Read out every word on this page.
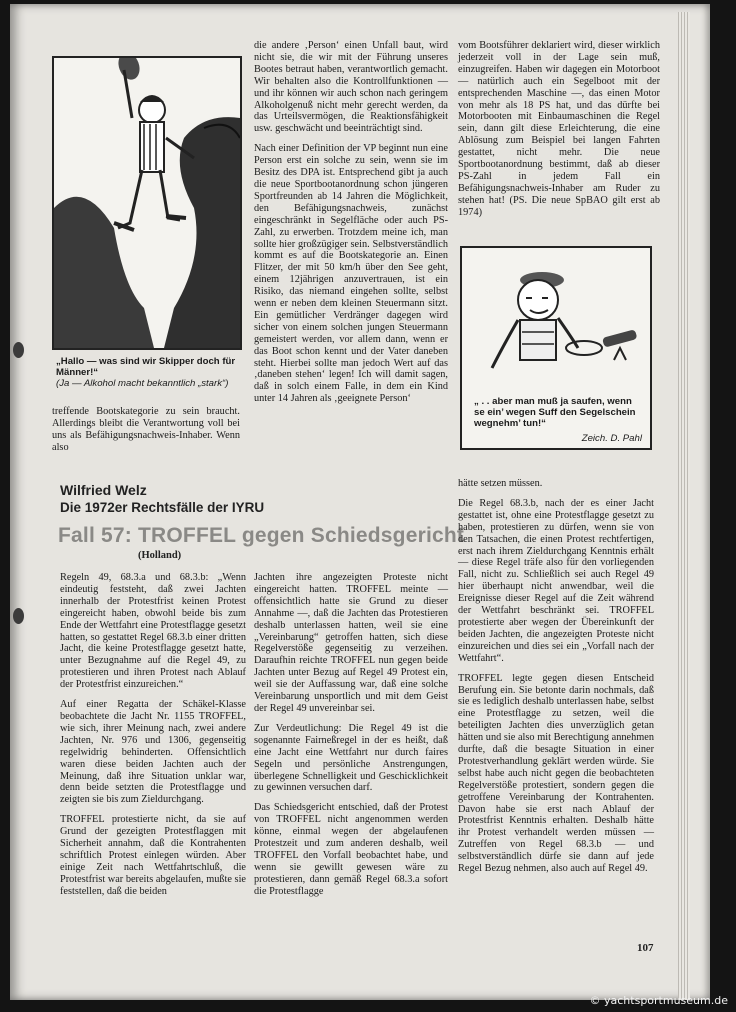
„Hallo — was sind wir Skipper doch für Männer!“
(Ja — Alkohol macht bekanntlich „stark“)

treffende Bootskategorie zu sein braucht. Allerdings bleibt die Verantwortung voll bei uns als Befähigungsnachweis-Inhaber. Wenn also

die andere ‚Person‘ einen Unfall baut, wird nicht sie, die wir mit der Führung unseres Bootes betraut haben, verantwortlich gemacht. Wir behalten also die Kontrollfunktionen — und ihr können wir auch schon nach geringem Alkoholgenuß nicht mehr gerecht werden, da das Urteilsvermögen, die Reaktionsfähigkeit usw. geschwächt und beeinträchtigt sind.

Nach einer Definition der VP beginnt nun eine Person erst ein solche zu sein, wenn sie im Besitz des DPA ist. Entsprechend gibt ja auch die neue Sportbootanordnung schon jüngeren Sportfreunden ab 14 Jahren die Möglichkeit, den Befähigungsnachweis, zunächst eingeschränkt in Segelfläche oder auch PS-Zahl, zu erwerben. Trotzdem meine ich, man sollte hier großzügiger sein. Selbstverständlich kommt es auf die Bootskategorie an. Einen Flitzer, der mit 50 km/h über den See geht, einem 12jährigen anzuvertrauen, ist ein Risiko, das niemand eingehen sollte, selbst wenn er neben dem kleinen Steuermann sitzt. Ein gemütlicher Verdränger dagegen wird sicher von einem solchen jungen Steuermann gemeistert werden, vor allem dann, wenn er das Boot schon kennt und der Vater daneben steht. Hierbei sollte man jedoch Wert auf das ‚daneben stehen‘ legen! Ich will damit sagen, daß in solch einem Falle, in dem ein Kind unter 14 Jahren als ‚geeignete Person‘

vom Bootsführer deklariert wird, dieser wirklich jederzeit voll in der Lage sein muß, einzugreifen. Haben wir dagegen ein Motorboot — natürlich auch ein Segelboot mit der entsprechenden Maschine —, das einen Motor von mehr als 18 PS hat, und das dürfte bei Motorbooten mit Einbaumaschinen die Regel sein, dann gilt diese Erleichterung, die eine Ablösung zum Beispiel bei langen Fahrten gestattet, nicht mehr. Die neue Sportbootanordnung bestimmt, daß ab dieser PS-Zahl in jedem Fall ein Befähigungsnachweis-Inhaber am Ruder zu stehen hat! (PS. Die neue SpBAO gilt erst ab 1974)

„ . . aber man muß ja saufen, wenn se ein’ wegen Suff den Segelschein wegnehm’ tun!“
Zeich. D. Pahl
Wilfried Welz
Die 1972er Rechtsfälle der IYRU
Fall 57: TROFFEL gegen Schiedsgericht
(Holland)

Regeln 49, 68.3.a und 68.3.b: „Wenn eindeutig feststeht, daß zwei Jachten innerhalb der Protestfrist keinen Protest eingereicht haben, obwohl beide bis zum Ende der Wettfahrt eine Protestflagge gesetzt hatten, so gestattet Regel 68.3.b einer dritten Jacht, die keine Protestflagge gesetzt hatte, unter Bezugnahme auf die Regel 49, zu protestieren und ihren Protest nach Ablauf der Protestfrist einzureichen.“

Auf einer Regatta der Schäkel-Klasse beobachtete die Jacht Nr. 1155 TROFFEL, wie sich, ihrer Meinung nach, zwei andere Jachten, Nr. 976 und 1306, gegenseitig regelwidrig behinderten. Offensichtlich waren diese beiden Jachten auch der Meinung, daß ihre Situation unklar war, denn beide setzten die Protestflagge und zeigten sie bis zum Zieldurchgang.

TROFFEL protestierte nicht, da sie auf Grund der gezeigten Protestflaggen mit Sicherheit annahm, daß die Kontrahenten schriftlich Protest einlegen würden. Aber einige Zeit nach Wettfahrtschluß, die Protestfrist war bereits abgelaufen, mußte sie feststellen, daß die beiden

Jachten ihre angezeigten Proteste nicht eingereicht hatten. TROFFEL meinte — offensichtlich hatte sie Grund zu dieser Annahme —, daß die Jachten das Protestieren deshalb unterlassen hatten, weil sie eine „Vereinbarung“ getroffen hatten, sich diese Regelverstöße gegenseitig zu verzeihen. Daraufhin reichte TROFFEL nun gegen beide Jachten unter Bezug auf Regel 49 Protest ein, weil sie der Auffassung war, daß eine solche Vereinbarung unsportlich und mit dem Geist der Regel 49 unvereinbar sei.

Zur Verdeutlichung: Die Regel 49 ist die sogenannte Fairneßregel in der es heißt, daß eine Jacht eine Wettfahrt nur durch faires Segeln und persönliche Anstrengungen, überlegene Schnelligkeit und Geschicklichkeit zu gewinnen versuchen darf.

Das Schiedsgericht entschied, daß der Protest von TROFFEL nicht angenommen werden könne, einmal wegen der abgelaufenen Protestzeit und zum anderen deshalb, weil TROFFEL den Vorfall beobachtet habe, und wenn sie gewillt gewesen wäre zu protestieren, dann gemäß Regel 68.3.a sofort die Protestflagge

hätte setzen müssen.

Die Regel 68.3.b, nach der es einer Jacht gestattet ist, ohne eine Protestflagge gesetzt zu haben, protestieren zu dürfen, wenn sie von den Tatsachen, die einen Protest rechtfertigen, erst nach ihrem Zieldurchgang Kenntnis erhält — diese Regel träfe also für den vorliegenden Fall, nicht zu. Schließlich sei auch Regel 49 hier überhaupt nicht anwendbar, weil die Ereignisse dieser Regel auf die Zeit während der Wettfahrt beschränkt sei. TROFFEL protestierte aber wegen der Übereinkunft der beiden Jachten, die angezeigten Proteste nicht einzureichen und dies sei ein „Vorfall nach der Wettfahrt“.

TROFFEL legte gegen diesen Entscheid Berufung ein. Sie betonte darin nochmals, daß sie es lediglich deshalb unterlassen habe, selbst eine Protestflagge zu setzen, weil die beteiligten Jachten dies unverzüglich getan hätten und sie also mit Berechtigung annehmen durfte, daß die besagte Situation in einer Protestverhandlung geklärt werden würde. Sie selbst habe auch nicht gegen die beobachteten Regelverstöße protestiert, sondern gegen die getroffene Vereinbarung der Kontrahenten. Davon habe sie erst nach Ablauf der Protestfrist Kenntnis erhalten. Deshalb hätte ihr Protest verhandelt werden müssen — Zutreffen von Regel 68.3.b — und selbstverständlich dürfe sie dann auf jede Regel Bezug nehmen, also auch auf Regel 49.

107
© yachtsportmuseum.de
